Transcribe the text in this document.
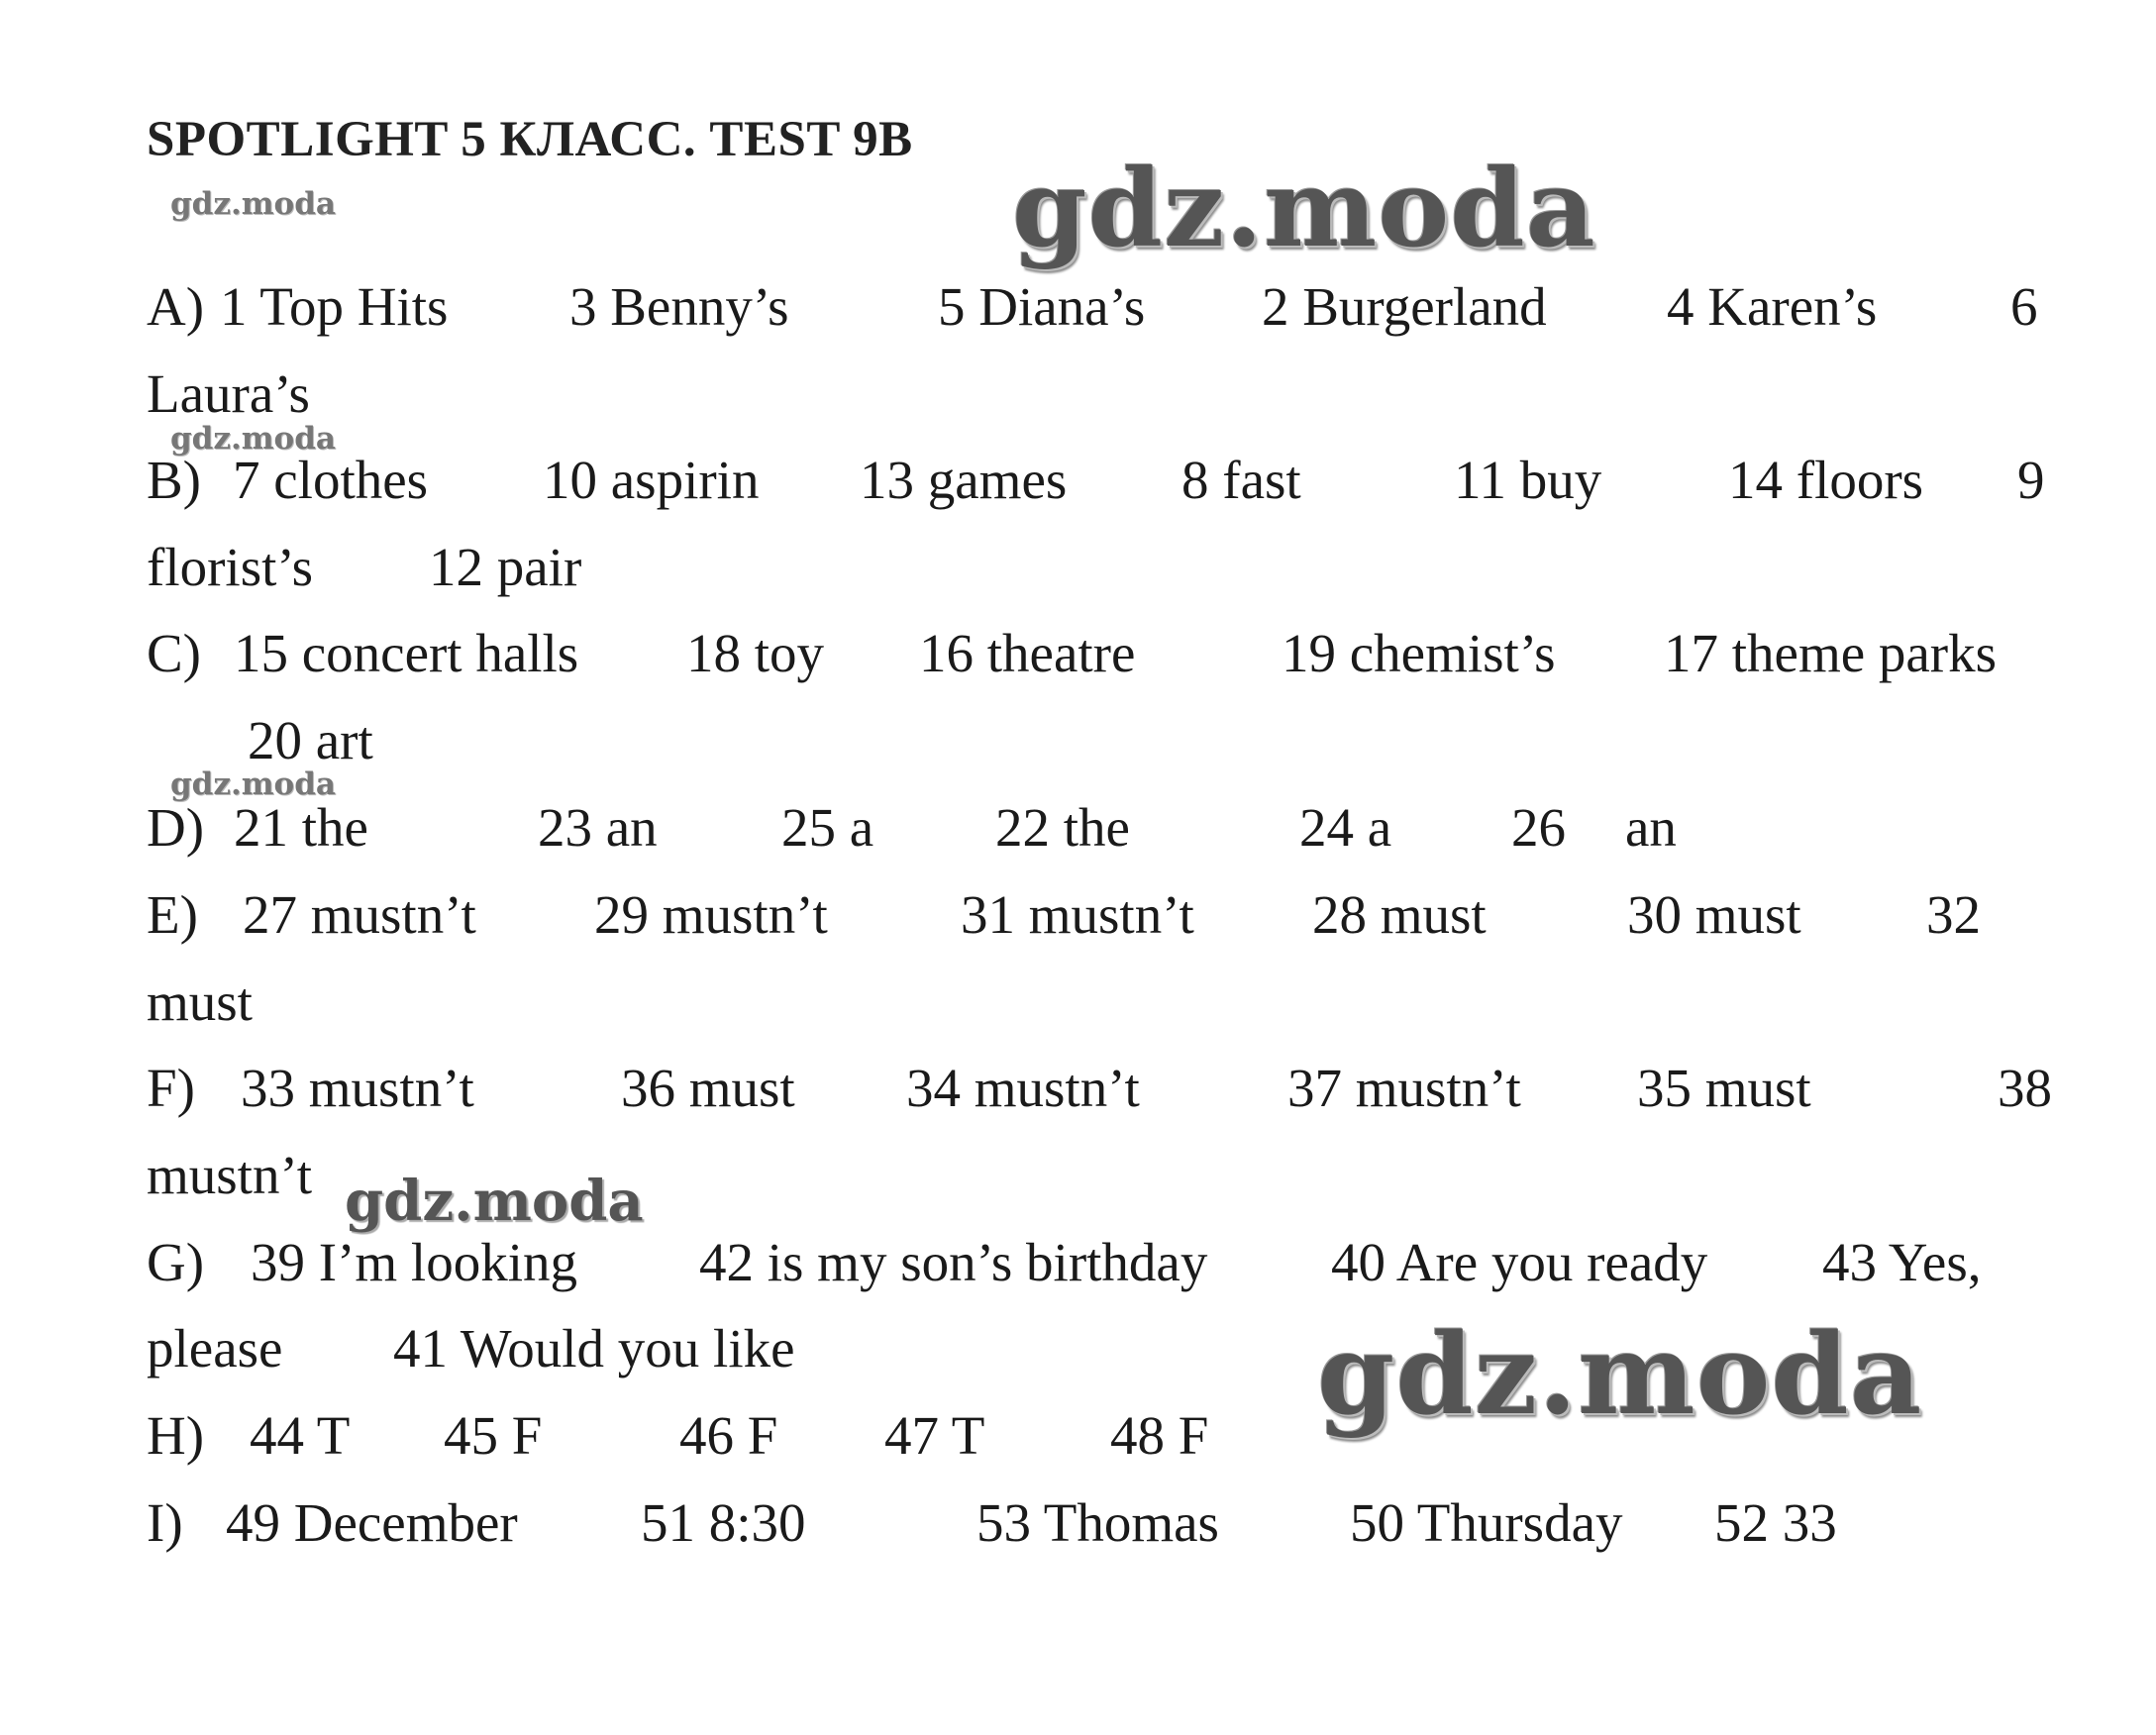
SPOTLIGHT 5 КЛАСС. TEST 9B
gdz.moda	gdz.moda
gdz.moda
gdz.moda
gdz.moda
gdz.moda
A) 1 Top Hits 3 Benny’s	5 Diana’s 2 Burgerland 4 Karen’s 6
Laura’s
B) 7 clothes 10 aspirin 13 games 8 fast	11 buy 14 floors 9
florist’s 12 pair
C) 15 concert halls 18 toy 16 theatre	19 chemist’s 17 theme parks
20 art
D) 21 the	23 an 25 a 22 the	24 a 26 an
E) 27 mustn’t 29 mustn’t 31 mustn’t 28 must	30 must 32
must
F) 33 mustn’t	36 must 34 mustn’t	37 mustn’t 35 must	38
mustn’t
G) 39 I’m looking 42 is my son’s birthday 40 Are you ready 43 Yes,
please 41 Would you like
H) 44 T 45 F	46 F 47 T 48 F
I) 49 December 51 8:30	53 Thomas 50 Thursday 52 33
